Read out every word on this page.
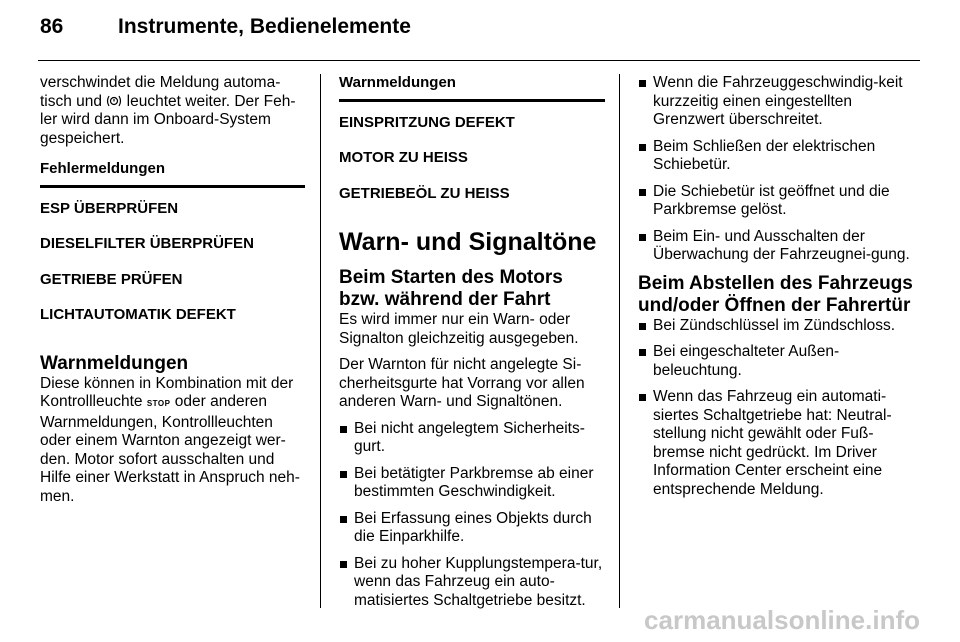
86	Instrumente, Bedienelemente

verschwindet die Meldung automa-tisch und  leuchtet weiter. Der Feh-ler wird dann im Onboard-System gespeichert.

Fehlermeldungen
ESP ÜBERPRÜFEN
DIESELFILTER ÜBERPRÜFEN
GETRIEBE PRÜFEN
LICHTAUTOMATIK DEFEKT
Warnmeldungen

Diese können in Kombination mit der Kontrollleuchte STOP oder anderen Warnmeldungen, Kontrollleuchten oder einem Warnton angezeigt wer-den. Motor sofort ausschalten und Hilfe einer Werkstatt in Anspruch neh-men.

Warnmeldungen
EINSPRITZUNG DEFEKT
MOTOR ZU HEISS
GETRIEBEÖL ZU HEISS
Warn- und Signaltöne
Beim Starten des Motors bzw. während der Fahrt

Es wird immer nur ein Warn- oder Signalton gleichzeitig ausgegeben.

Der Warnton für nicht angelegte Si-cherheitsgurte hat Vorrang vor allen anderen Warn- und Signaltönen.

Bei nicht angelegtem Sicherheits-gurt.
Bei betätigter Parkbremse ab einer bestimmten Geschwindigkeit.
Bei Erfassung eines Objekts durch die Einparkhilfe.
Bei zu hoher Kupplungstempera-tur, wenn das Fahrzeug ein auto-matisiertes Schaltgetriebe besitzt.
Wenn die Fahrzeuggeschwindig-keit kurzzeitig einen eingestellten Grenzwert überschreitet.
Beim Schließen der elektrischen Schiebetür.
Die Schiebetür ist geöffnet und die Parkbremse gelöst.
Beim Ein- und Ausschalten der Überwachung der Fahrzeugnei-gung.
Beim Abstellen des Fahrzeugs und/oder Öffnen der Fahrertür
Bei Zündschlüssel im Zündschloss.
Bei eingeschalteter Außen-beleuchtung.
Wenn das Fahrzeug ein automati-siertes Schaltgetriebe hat: Neutral-stellung nicht gewählt oder Fuß-bremse nicht gedrückt. Im Driver Information Center erscheint eine entsprechende Meldung.
carmanualsonline.info
